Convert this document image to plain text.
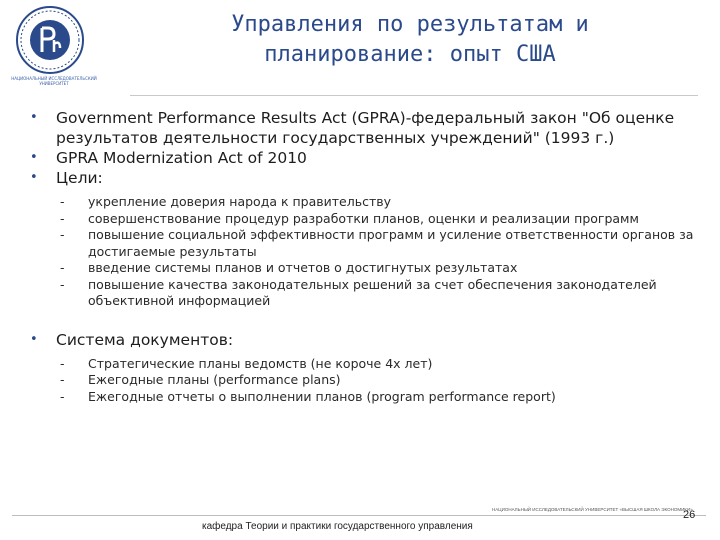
НАЦИОНАЛЬНЫЙ ИССЛЕДОВАТЕЛЬСКИЙ УНИВЕРСИТЕТ
Управления по результатам и
планирование: опыт США
• Government Performance Results Act (GPRA)-федеральный закон "Об оценке результатов деятельности государственных учреждений" (1993 г.)
• GPRA Modernization Act of 2010
• Цели:
- укрепление доверия народа к правительству
- совершенствование процедур разработки планов, оценки и реализации программ
- повышение социальной эффективности программ и усиление ответственности органов за достигаемые результаты
- введение системы планов и отчетов о достигнутых результатах
- повышение качества законодательных решений за счет обеспечения законодателей объективной информацией
• Система документов:
- Стратегические планы ведомств (не короче 4х лет)
- Ежегодные планы (performance plans)
- Ежегодные отчеты о выполнении планов (program performance report)
НАЦИОНАЛЬНЫЙ ИССЛЕДОВАТЕЛЬСКИЙ УНИВЕРСИТЕТ «ВЫСШАЯ ШКОЛА ЭКОНОМИКИ»
кафедра Теории и практики государственного управления
26
